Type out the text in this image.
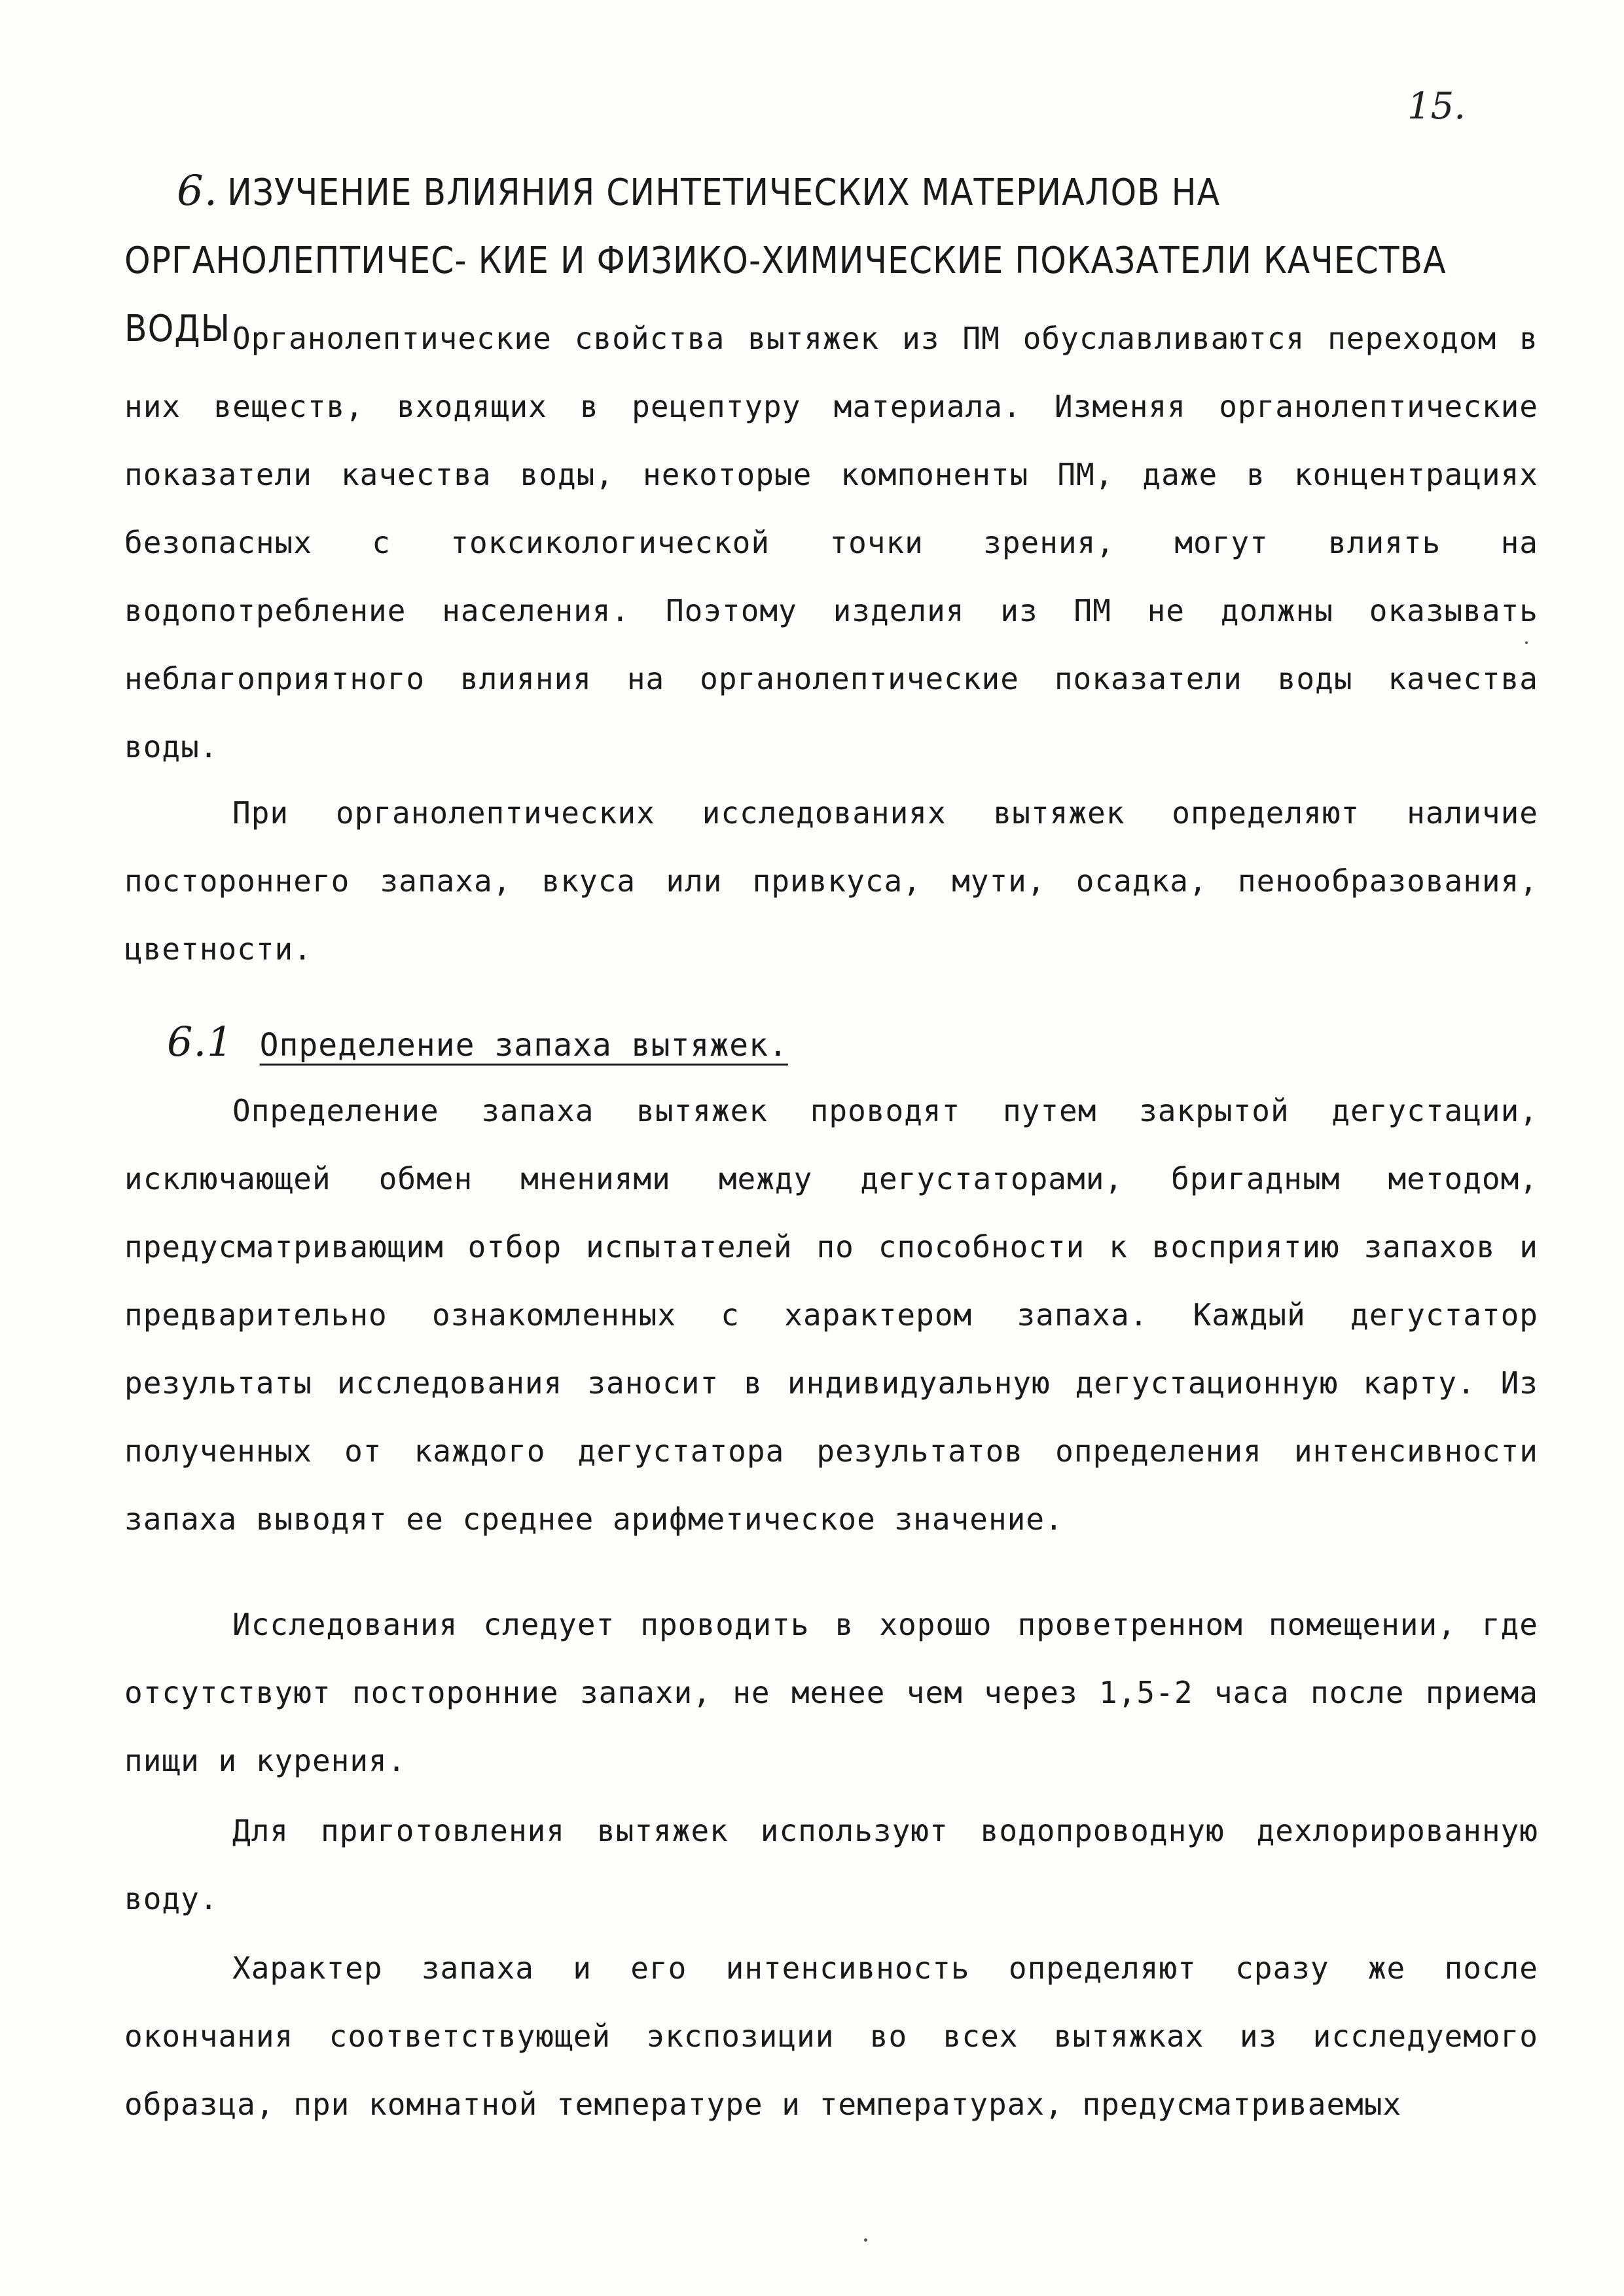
15.
6. ИЗУЧЕНИЕ ВЛИЯНИЯ СИНТЕТИЧЕСКИХ МАТЕРИАЛОВ НА ОРГАНОЛЕПТИЧЕС- КИЕ И ФИЗИКО-ХИМИЧЕСКИЕ ПОКАЗАТЕЛИ КАЧЕСТВА ВОДЫ Органолептические свойства вытяжек из ПМ обуславливаются переходом в них веществ, входящих в рецептуру материала. Изменяя органолептические показатели качества воды, некоторые компоненты ПМ, даже в концентрациях безопасных с токсикологической точки зрения, могут влиять на водопотребление населения. Поэтому изделия из ПМ не должны оказывать неблагоприятного влияния на органолептические показатели воды качества воды.

При органолептических исследованиях вытяжек определяют наличие постороннего запаха, вкуса или привкуса, мути, осадка, пенообразования, цветности.

6.1 Определение запаха вытяжек.

Определение запаха вытяжек проводят путем закрытой дегустации, исключающей обмен мнениями между дегустаторами, бригадным методом, предусматривающим отбор испытателей по способности к восприятию запахов и предварительно ознакомленных с характером запаха. Каждый дегустатор результаты исследования заносит в индивидуальную дегустационную карту. Из полученных от каждого дегустатора результатов определения интенсивности запаха выводят ее среднее арифметическое значение.

Исследования следует проводить в хорошо проветренном помещении, где отсутствуют посторонние запахи, не менее чем через 1,5-2 часа после приема пищи и курения.

Для приготовления вытяжек используют водопроводную дехлорированную воду.

Характер запаха и его интенсивность определяют сразу же после окончания соответствующей экспозиции во всех вытяжках из исследуемого образца, при комнатной температуре и температурах, предусматриваемых
